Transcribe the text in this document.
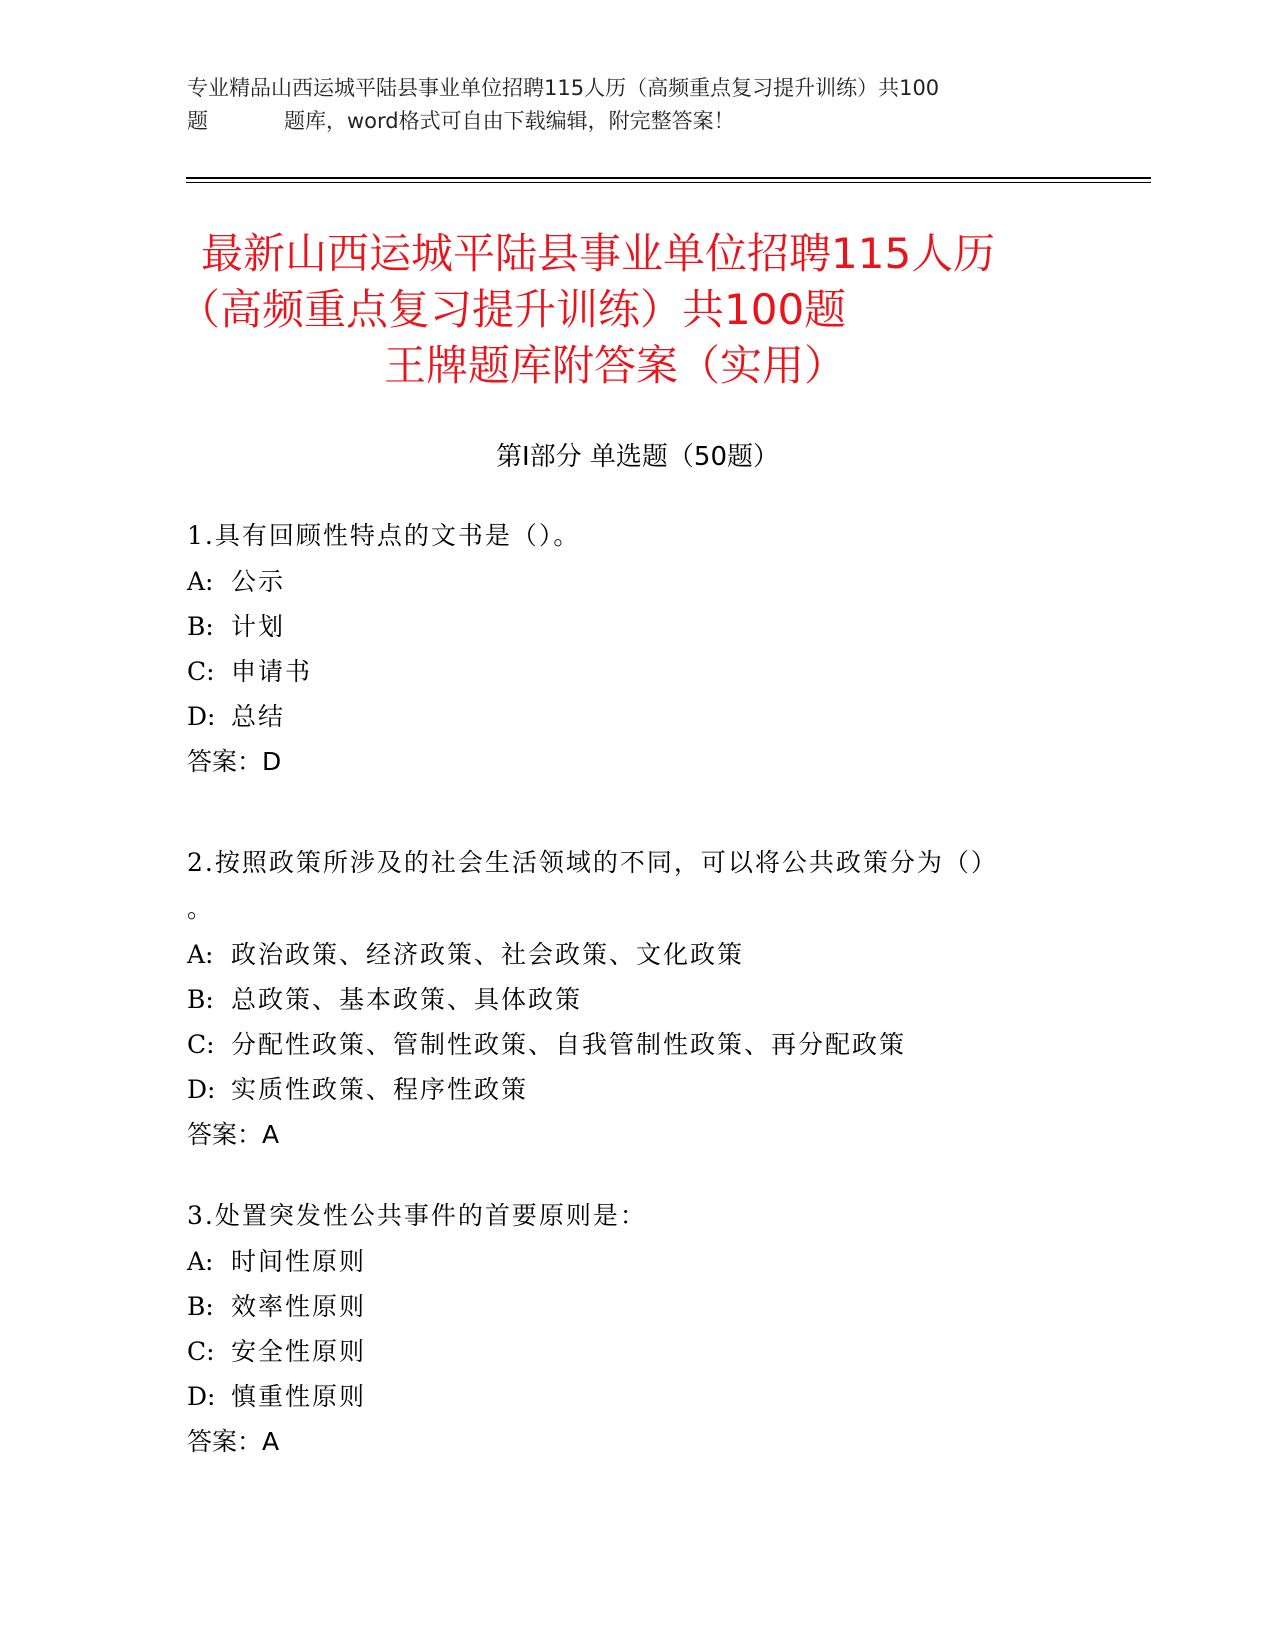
专业精品山西运城平陆县事业单位招聘115人历（高频重点复习提升训练）共100
题	题库，word格式可自由下载编辑，附完整答案！
最新山西运城平陆县事业单位招聘115人历
（高频重点复习提升训练）共100题
王牌题库附答案（实用）
第Ⅰ部分 单选题（50题）
1.具有回顾性特点的文书是（）。
A: 公示
B: 计划
C: 申请书
D: 总结
答案：D
2.按照政策所涉及的社会生活领域的不同，可以将公共政策分为（）
。
A: 政治政策、经济政策、社会政策、文化政策
B: 总政策、基本政策、具体政策
C: 分配性政策、管制性政策、自我管制性政策、再分配政策
D: 实质性政策、程序性政策
答案：A
3.处置突发性公共事件的首要原则是：
A: 时间性原则
B: 效率性原则
C: 安全性原则
D: 慎重性原则
答案：A
